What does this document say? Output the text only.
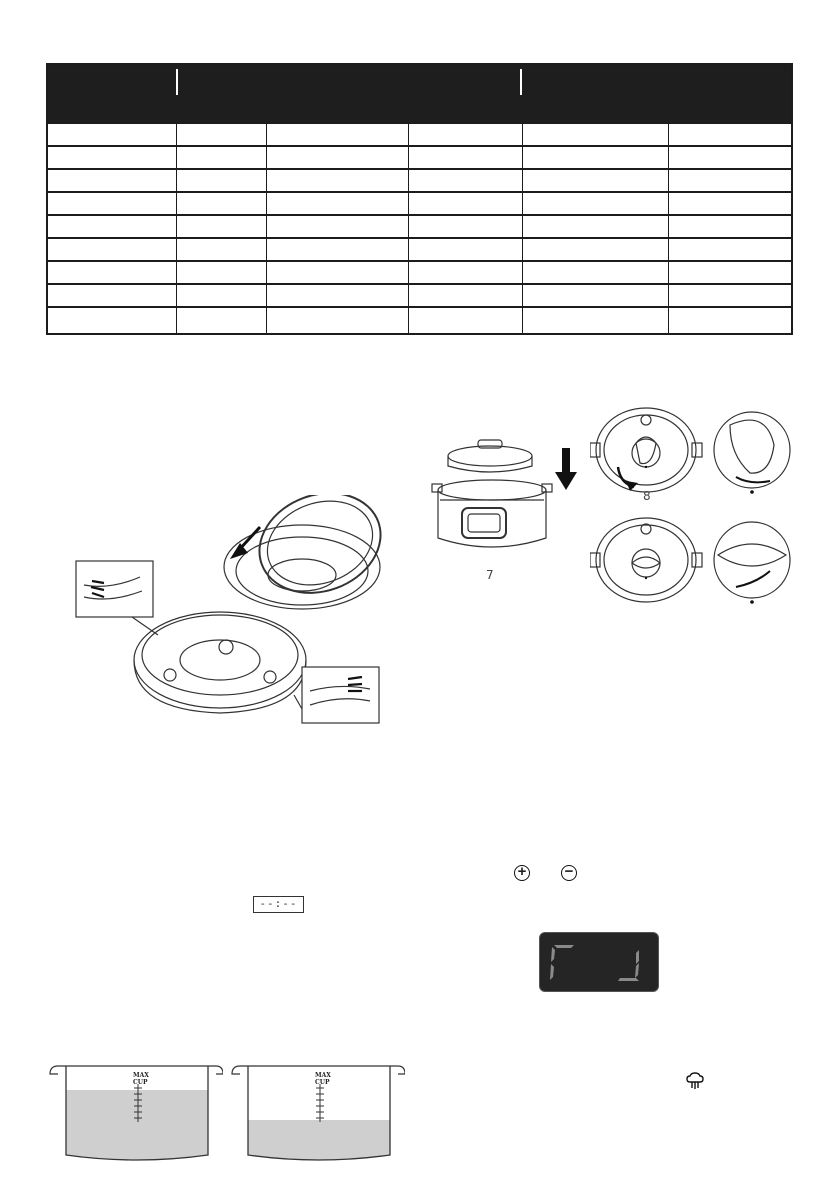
7
8
+	−
--:--
MAX
CUP
MAX
CUP
